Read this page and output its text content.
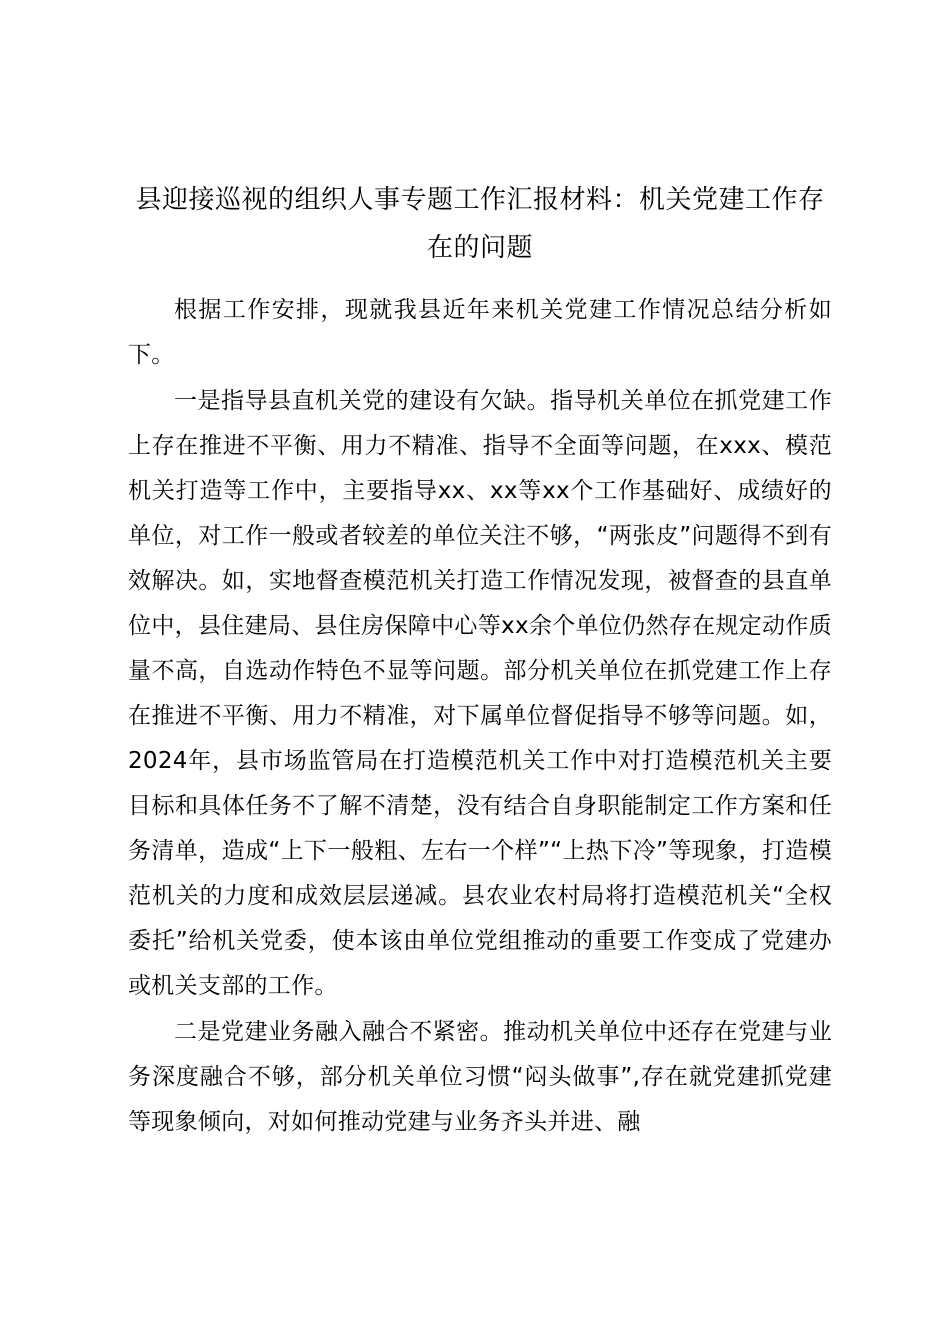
县迎接巡视的组织人事专题工作汇报材料：机关党建工作存在的问题

根据工作安排，现就我县近年来机关党建工作情况总结分析如下。

一是指导县直机关党的建设有欠缺。指导机关单位在抓党建工作上存在推进不平衡、用力不精准、指导不全面等问题，在xxx、模范机关打造等工作中，主要指导xx、xx等xx个工作基础好、成绩好的单位，对工作一般或者较差的单位关注不够，“两张皮”问题得不到有效解决。如，实地督查模范机关打造工作情况发现，被督查的县直单位中，县住建局、县住房保障中心等xx余个单位仍然存在规定动作质量不高，自选动作特色不显等问题。部分机关单位在抓党建工作上存在推进不平衡、用力不精准，对下属单位督促指导不够等问题。如，2024年，县市场监管局在打造模范机关工作中对打造模范机关主要目标和具体任务不了解不清楚，没有结合自身职能制定工作方案和任务清单，造成“上下一般粗、左右一个样”“上热下冷”等现象，打造模范机关的力度和成效层层递减。县农业农村局将打造模范机关“全权委托”给机关党委，使本该由单位党组推动的重要工作变成了党建办或机关支部的工作。

二是党建业务融入融合不紧密。推动机关单位中还存在党建与业务深度融合不够，部分机关单位习惯“闷头做事”,存在就党建抓党建等现象倾向，对如何推动党建与业务齐头并进、融
